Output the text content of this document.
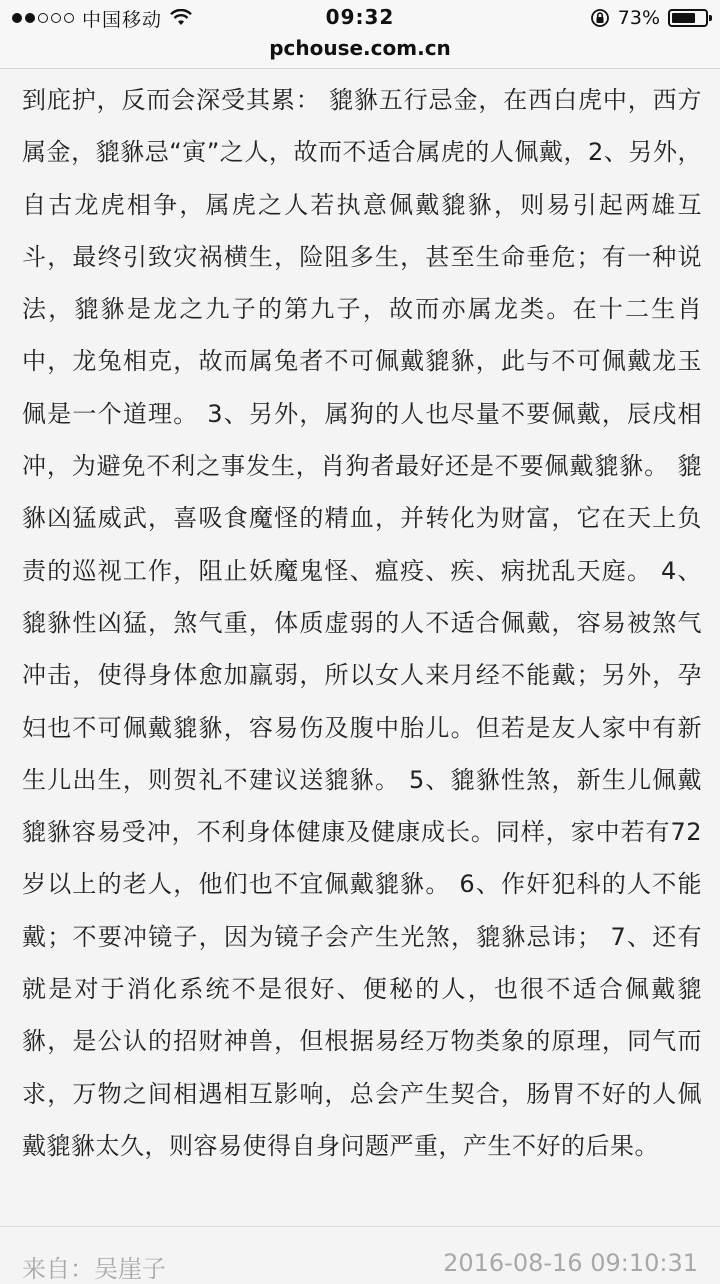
中国移动	09:32	73%
pchouse.com.cn

到庇护，反而会深受其累： 貔貅五行忌金，在西白虎中，西方属金，貔貅忌“寅”之人，故而不适合属虎的人佩戴，2、另外，自古龙虎相争，属虎之人若执意佩戴貔貅，则易引起两雄互斗，最终引致灾祸横生，险阻多生，甚至生命垂危；有一种说法，貔貅是龙之九子的第九子，故而亦属龙类。在十二生肖中，龙兔相克，故而属兔者不可佩戴貔貅，此与不可佩戴龙玉佩是一个道理。 3、另外，属狗的人也尽量不要佩戴，辰戌相冲，为避免不利之事发生，肖狗者最好还是不要佩戴貔貅。 貔貅凶猛威武，喜吸食魔怪的精血，并转化为财富，它在天上负责的巡视工作，阻止妖魔鬼怪、瘟疫、疾、病扰乱天庭。 4、貔貅性凶猛，煞气重，体质虚弱的人不适合佩戴，容易被煞气冲击，使得身体愈加羸弱，所以女人来月经不能戴；另外，孕妇也不可佩戴貔貅，容易伤及腹中胎儿。但若是友人家中有新生儿出生，则贺礼不建议送貔貅。 5、貔貅性煞，新生儿佩戴貔貅容易受冲，不利身体健康及健康成长。同样，家中若有72岁以上的老人，他们也不宜佩戴貔貅。 6、作奸犯科的人不能戴；不要冲镜子，因为镜子会产生光煞，貔貅忌讳； 7、还有就是对于消化系统不是很好、便秘的人，也很不适合佩戴貔貅，是公认的招财神兽，但根据易经万物类象的原理，同气而求，万物之间相遇相互影响，总会产生契合，肠胃不好的人佩戴貔貅太久，则容易使得自身问题严重，产生不好的后果。

来自：吴崖子	2016-08-16 09:10:31
